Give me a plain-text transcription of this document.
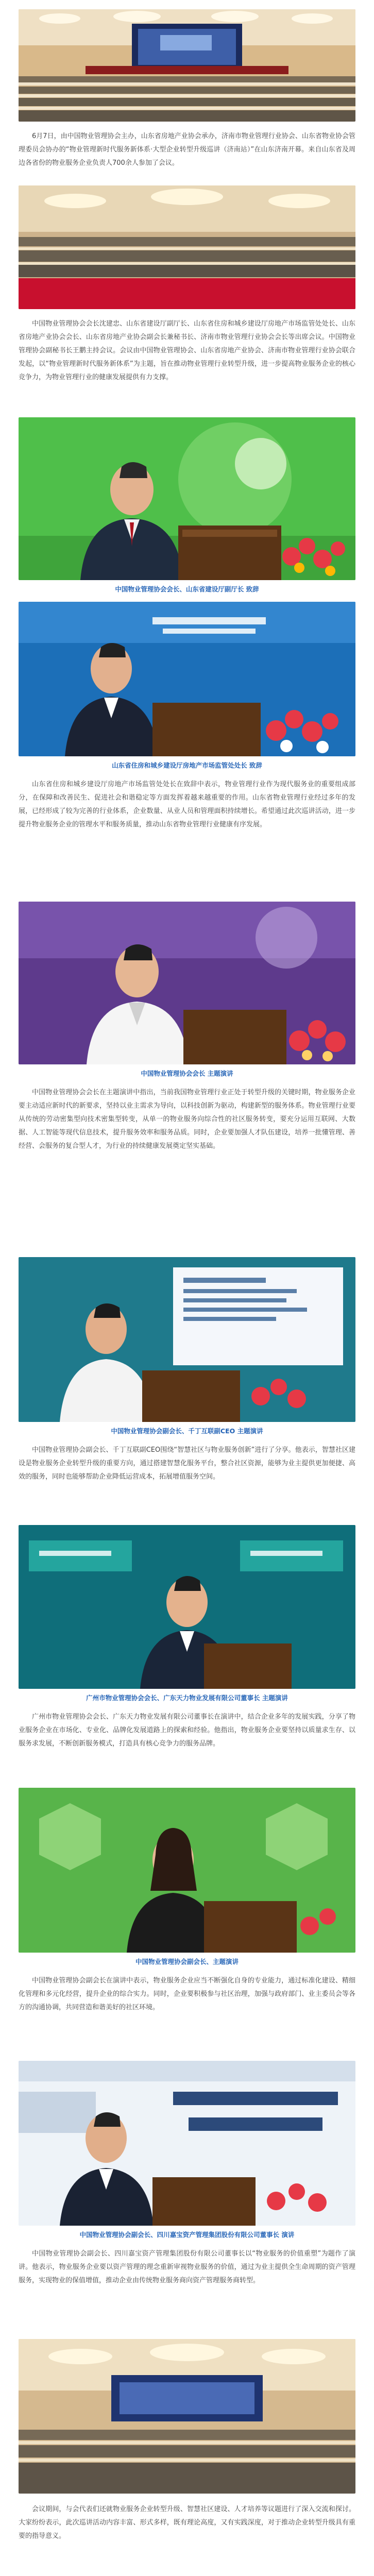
6月7日，由中国物业管理协会主办，山东省房地产业协会承办，济南市物业管理行业协会、山东省物业协会管理委员会协办的“物业管理新时代服务新体系·大型企业转型升级巡讲（济南站）”在山东济南开幕。来自山东省及周边各省份的物业服务企业负责人700余人参加了会议。

中国物业管理协会会长沈建忠、山东省建设厅副厅长、山东省住房和城乡建设厅房地产市场监管处处长、山东省房地产业协会会长、山东省房地产业协会副会长兼秘书长、济南市物业管理行业协会会长等出席会议。中国物业管理协会副秘书长王鹏主持会议。会议由中国物业管理协会、山东省房地产业协会、济南市物业管理行业协会联合发起，以“物业管理新时代服务新体系”为主题，旨在推动物业管理行业转型升级，进一步提高物业服务企业的核心竞争力，为物业管理行业的健康发展提供有力支撑。

中国物业管理协会会长、山东省建设厅副厅长 致辞

山东省住房和城乡建设厅房地产市场监管处处长 致辞

山东省住房和城乡建设厅房地产市场监管处处长在致辞中表示，物业管理行业作为现代服务业的重要组成部分，在保障和改善民生、促进社会和谐稳定等方面发挥着越来越重要的作用。山东省物业管理行业经过多年的发展，已经形成了较为完善的行业体系，企业数量、从业人员和管理面积持续增长。希望通过此次巡讲活动，进一步提升物业服务企业的管理水平和服务质量，推动山东省物业管理行业健康有序发展。

中国物业管理协会会长 主题演讲

中国物业管理协会会长在主题演讲中指出，当前我国物业管理行业正处于转型升级的关键时期，物业服务企业要主动适应新时代的新要求，坚持以业主需求为导向，以科技创新为驱动，构建新型的服务体系。物业管理行业要从传统的劳动密集型向技术密集型转变，从单一的物业服务向综合性的社区服务转变，要充分运用互联网、大数据、人工智能等现代信息技术，提升服务效率和服务品质。同时，企业要加强人才队伍建设，培养一批懂管理、善经营、会服务的复合型人才，为行业的持续健康发展奠定坚实基础。

中国物业管理协会副会长、千丁互联副CEO 主题演讲

中国物业管理协会副会长、千丁互联副CEO围绕“智慧社区与物业服务创新”进行了分享。他表示，智慧社区建设是物业服务企业转型升级的重要方向，通过搭建智慧化服务平台，整合社区资源，能够为业主提供更加便捷、高效的服务，同时也能够帮助企业降低运营成本，拓展增值服务空间。

广州市物业管理协会会长、广东天力物业发展有限公司董事长 主题演讲

广州市物业管理协会会长、广东天力物业发展有限公司董事长在演讲中，结合企业多年的发展实践，分享了物业服务企业在市场化、专业化、品牌化发展道路上的探索和经验。他指出，物业服务企业要坚持以质量求生存、以服务求发展，不断创新服务模式，打造具有核心竞争力的服务品牌。

中国物业管理协会副会长、主题演讲

中国物业管理协会副会长在演讲中表示，物业服务企业应当不断强化自身的专业能力，通过标准化建设、精细化管理和多元化经营，提升企业的综合实力。同时，企业要积极参与社区治理，加强与政府部门、业主委员会等各方的沟通协调，共同营造和谐美好的社区环境。

中国物业管理协会副会长、四川嘉宝资产管理集团股份有限公司董事长 演讲

中国物业管理协会副会长、四川嘉宝资产管理集团股份有限公司董事长以“物业服务的价值重塑”为题作了演讲。他表示，物业服务企业要以资产管理的理念重新审视物业服务的价值，通过为业主提供全生命周期的资产管理服务，实现物业的保值增值，推动企业由传统物业服务商向资产管理服务商转型。

会议期间，与会代表们还就物业服务企业转型升级、智慧社区建设、人才培养等议题进行了深入交流和探讨。大家纷纷表示，此次巡讲活动内容丰富、形式多样，既有理论高度，又有实践深度，对于推动企业转型升级具有重要的指导意义。
